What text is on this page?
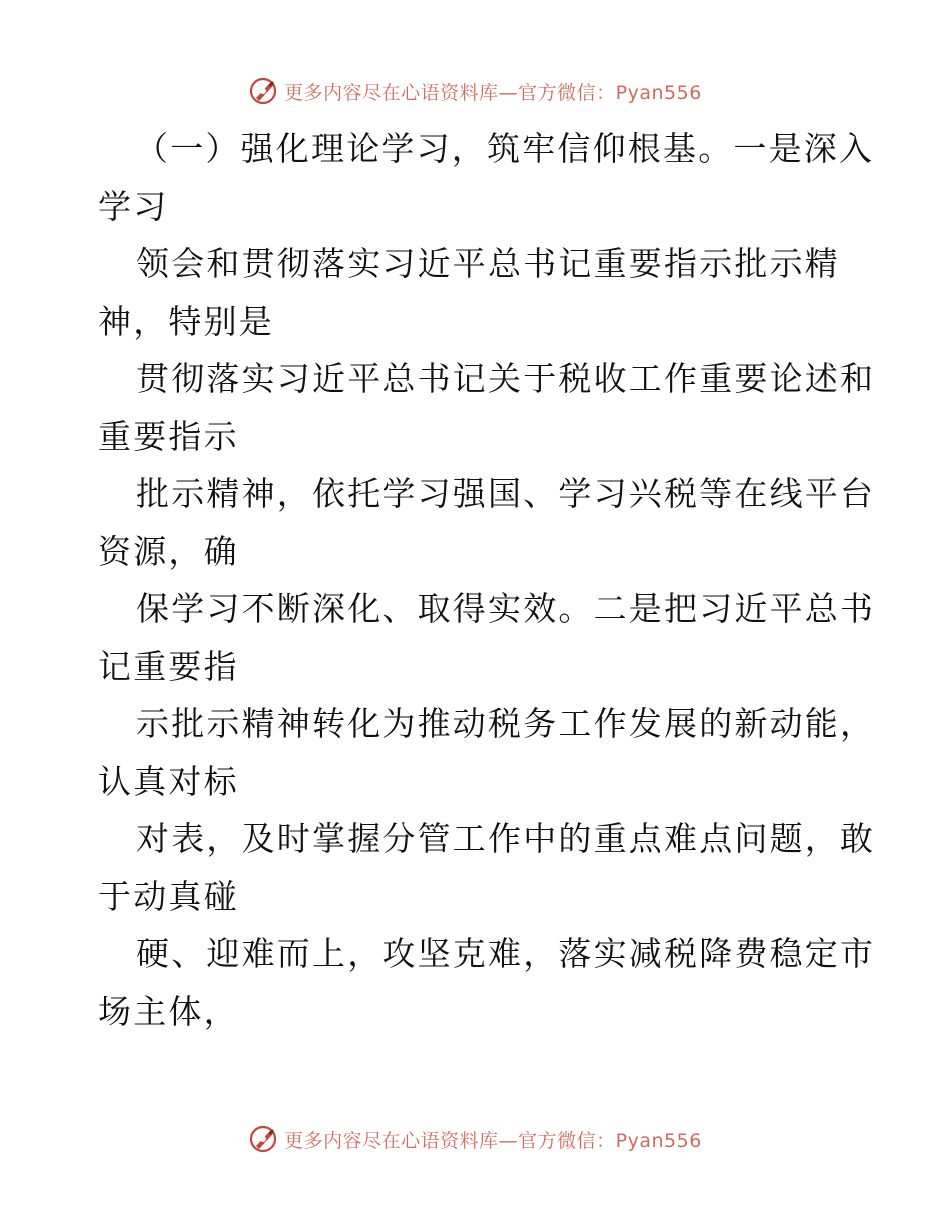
更多内容尽在心语资料库—官方微信：Pyan556
（一）强化理论学习，筑牢信仰根基。一是深入
学习
领会和贯彻落实习近平总书记重要指示批示精
神，特别是
贯彻落实习近平总书记关于税收工作重要论述和
重要指示
批示精神，依托学习强国、学习兴税等在线平台
资源，确
保学习不断深化、取得实效。二是把习近平总书
记重要指
示批示精神转化为推动税务工作发展的新动能，
认真对标
对表，及时掌握分管工作中的重点难点问题，敢
于动真碰
硬、迎难而上，攻坚克难，落实减税降费稳定市
场主体，
更多内容尽在心语资料库—官方微信：Pyan556
